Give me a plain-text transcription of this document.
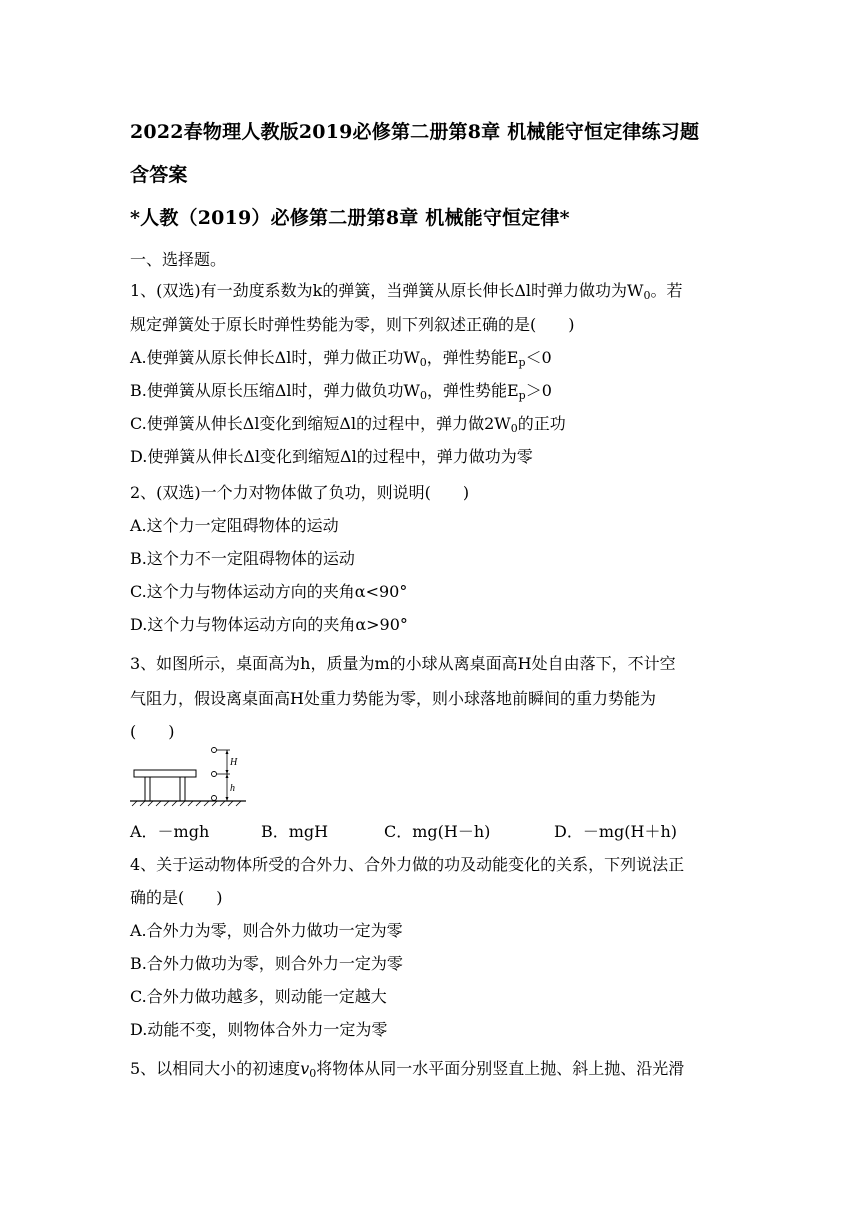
2022春物理人教版2019必修第二册第8章 机械能守恒定律练习题
含答案
*人教（2019）必修第二册第8章 机械能守恒定律*
一、选择题。
1、(双选)有一劲度系数为k的弹簧，当弹簧从原长伸长Δl时弹力做功为$W_0$。若
规定弹簧处于原长时弹性势能为零，则下列叙述正确的是(　　)
A.使弹簧从原长伸长Δl时，弹力做正功$W_0$，弹性势能$E_p<0$
B.使弹簧从原长压缩Δl时，弹力做负功$W_0$，弹性势能$E_p>0$
C.使弹簧从伸长Δl变化到缩短Δl的过程中，弹力做$2W_0$的正功
D.使弹簧从伸长Δl变化到缩短Δl的过程中，弹力做功为零
2、(双选)一个力对物体做了负功，则说明(　　)
A.这个力一定阻碍物体的运动
B.这个力不一定阻碍物体的运动
C.这个力与物体运动方向的夹角α<90°
D.这个力与物体运动方向的夹角α>90°
3、如图所示，桌面高为h，质量为m的小球从离桌面高H处自由落下，不计空
气阻力，假设离桌面高H处重力势能为零，则小球落地前瞬间的重力势能为
(　　)
H
h
A．－mgh	B．mgH	C．mg(H－h)	D．－mg(H＋h)
4、关于运动物体所受的合外力、合外力做的功及动能变化的关系，下列说法正
确的是(　　)
A.合外力为零，则合外力做功一定为零
B.合外力做功为零，则合外力一定为零
C.合外力做功越多，则动能一定越大
D.动能不变，则物体合外力一定为零
5、以相同大小的初速度$v_0$将物体从同一水平面分别竖直上抛、斜上抛、沿光滑
